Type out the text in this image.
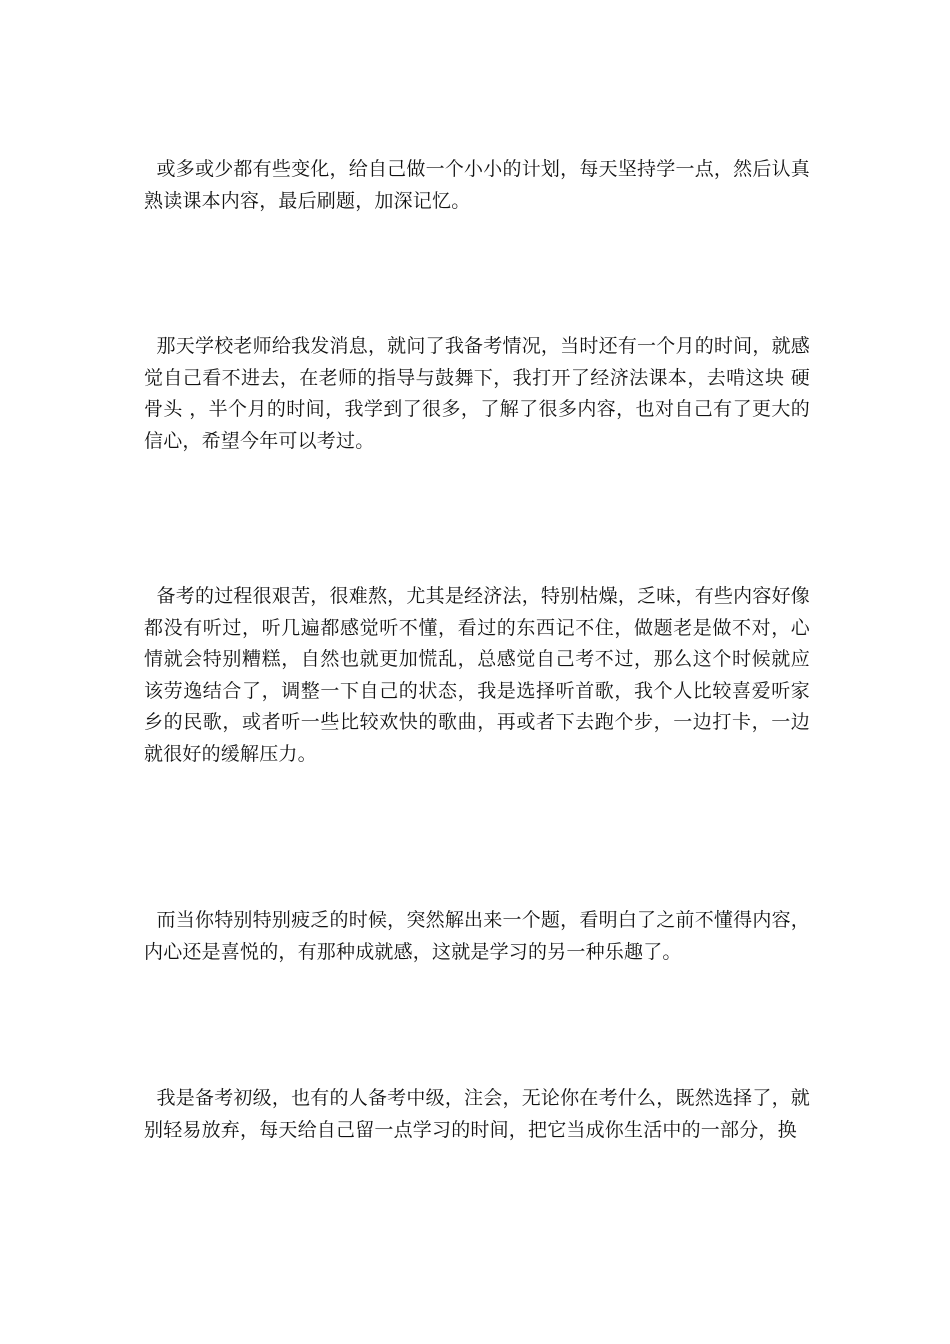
或多或少都有些变化，给自己做一个小小的计划，每天坚持学一点，然后认真熟读课本内容，最后刷题，加深记忆。

那天学校老师给我发消息，就问了我备考情况，当时还有一个月的时间，就感觉自己看不进去，在老师的指导与鼓舞下，我打开了经济法课本，去啃这块 硬骨头 ，半个月的时间，我学到了很多，了解了很多内容，也对自己有了更大的信心，希望今年可以考过。

备考的过程很艰苦，很难熬，尤其是经济法，特别枯燥，乏味，有些内容好像都没有听过，听几遍都感觉听不懂，看过的东西记不住，做题老是做不对，心情就会特别糟糕，自然也就更加慌乱，总感觉自己考不过，那么这个时候就应该劳逸结合了，调整一下自己的状态，我是选择听首歌，我个人比较喜爱听家乡的民歌，或者听一些比较欢快的歌曲，再或者下去跑个步，一边打卡，一边就很好的缓解压力。

而当你特别特别疲乏的时候，突然解出来一个题，看明白了之前不懂得内容，内心还是喜悦的，有那种成就感，这就是学习的另一种乐趣了。

我是备考初级，也有的人备考中级，注会，无论你在考什么，既然选择了，就别轻易放弃，每天给自己留一点学习的时间，把它当成你生活中的一部分，换
